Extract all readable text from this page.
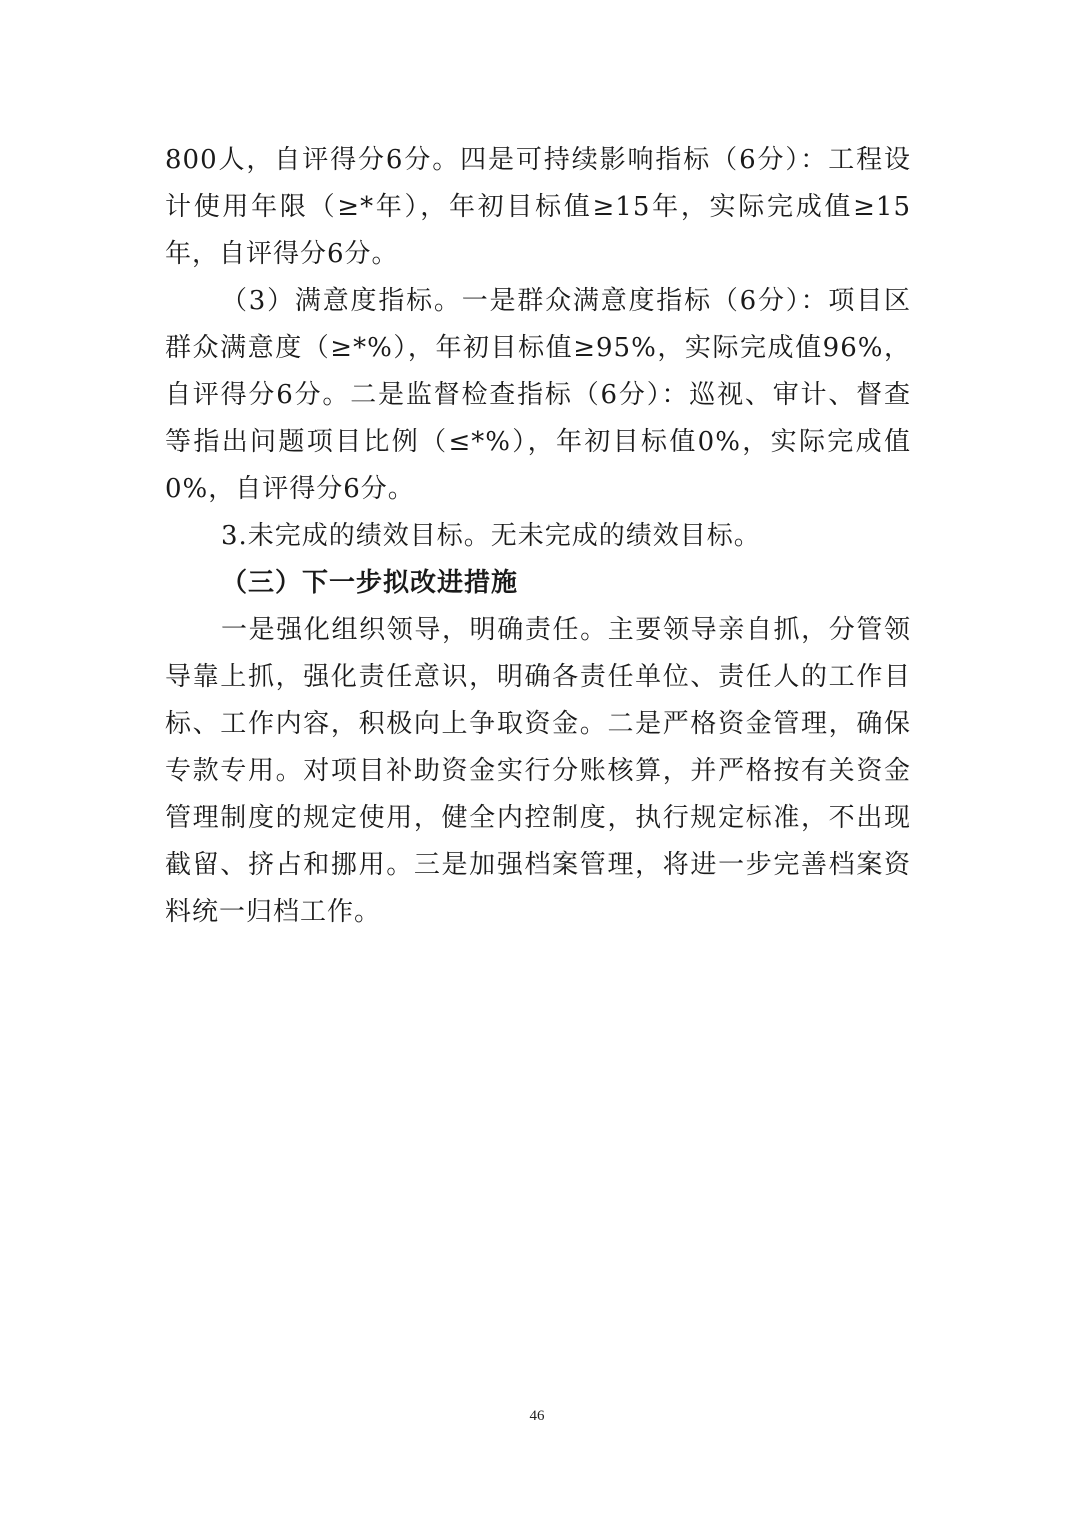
800人，自评得分6分。四是可持续影响指标（6分）：工程设计使用年限（≥*年），年初目标值≥15年，实际完成值≥15年，自评得分6分。

（3）满意度指标。一是群众满意度指标（6分）：项目区群众满意度（≥*%），年初目标值≥95%，实际完成值96%，自评得分6分。二是监督检查指标（6分）：巡视、审计、督查等指出问题项目比例（≤*%），年初目标值0%，实际完成值0%，自评得分6分。

3.未完成的绩效目标。无未完成的绩效目标。

（三）下一步拟改进措施

一是强化组织领导，明确责任。主要领导亲自抓，分管领导靠上抓，强化责任意识，明确各责任单位、责任人的工作目标、工作内容，积极向上争取资金。二是严格资金管理，确保专款专用。对项目补助资金实行分账核算，并严格按有关资金管理制度的规定使用，健全内控制度，执行规定标准，不出现截留、挤占和挪用。三是加强档案管理，将进一步完善档案资料统一归档工作。

46
